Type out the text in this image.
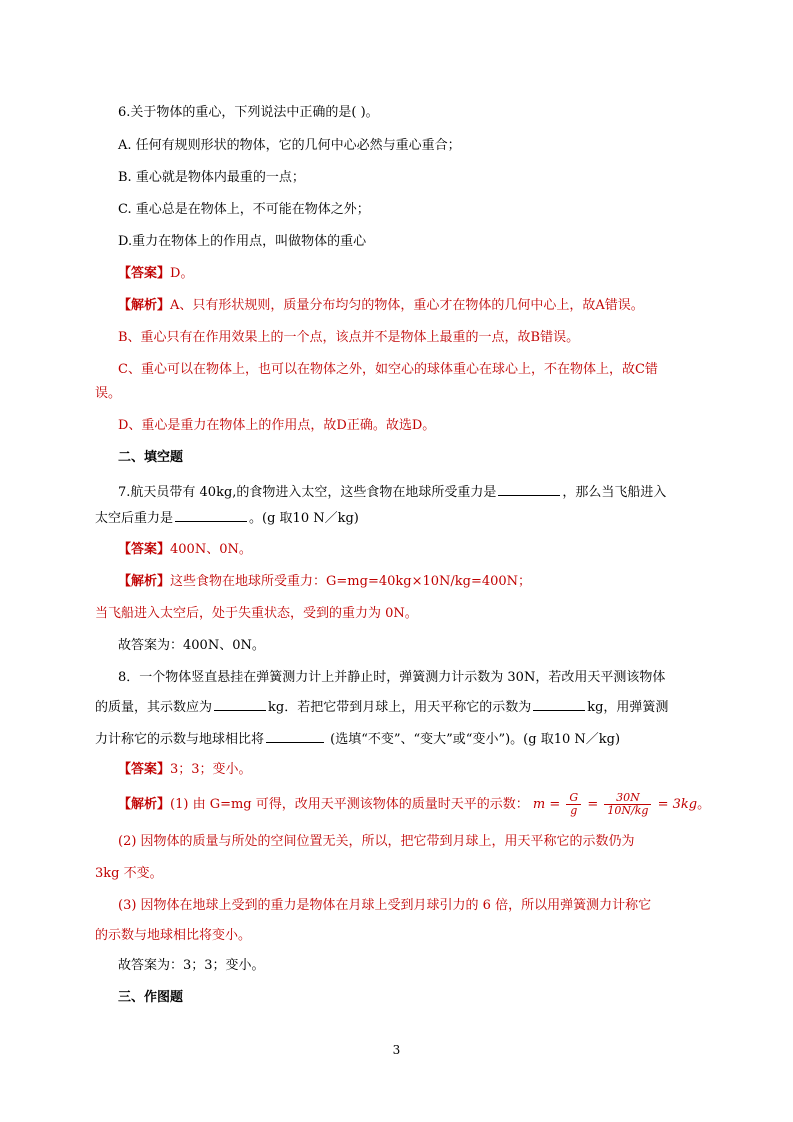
6.关于物体的重心，下列说法中正确的是( )。
A. 任何有规则形状的物体，它的几何中心必然与重心重合；
B. 重心就是物体内最重的一点；
C. 重心总是在物体上，不可能在物体之外；
D.重力在物体上的作用点，叫做物体的重心
【答案】D。
【解析】A、只有形状规则，质量分布均匀的物体，重心才在物体的几何中心上，故A错误。
B、重心只有在作用效果上的一个点，该点并不是物体上最重的一点，故B错误。
C、重心可以在物体上，也可以在物体之外，如空心的球体重心在球心上，不在物体上，故C错
误。
D、重心是重力在物体上的作用点，故D正确。故选D。
二、填空题
7.航天员带有 40kg,的食物进入太空，这些食物在地球所受重力是	，那么当飞船进入
太空后重力是	。(g 取10 N／kg)
【答案】400N、0N。
【解析】这些食物在地球所受重力：G=mg=40kg×10N/kg=400N；
当飞船进入太空后，处于失重状态，受到的重力为 0N。
故答案为：400N、0N。
8．一个物体竖直悬挂在弹簧测力计上并静止时，弹簧测力计示数为 30N，若改用天平测该物体
的质量，其示数应为	kg．若把它带到月球上，用天平称它的示数为	kg，用弹簧测
力计称它的示数与地球相比将	(选填“不变”、“变大”或“变小”)。(g 取10 N／kg)
【答案】3；3；变小。
【解析】(1) 由 G=mg 可得，改用天平测该物体的质量时天平的示数： $m = \frac{G}{g} = \frac{30N}{10N/kg} = 3kg$。
(2) 因物体的质量与所处的空间位置无关，所以，把它带到月球上，用天平称它的示数仍为
3kg 不变。
(3) 因物体在地球上受到的重力是物体在月球上受到月球引力的 6 倍，所以用弹簧测力计称它
的示数与地球相比将变小。
故答案为：3；3；变小。
三、作图题
3
